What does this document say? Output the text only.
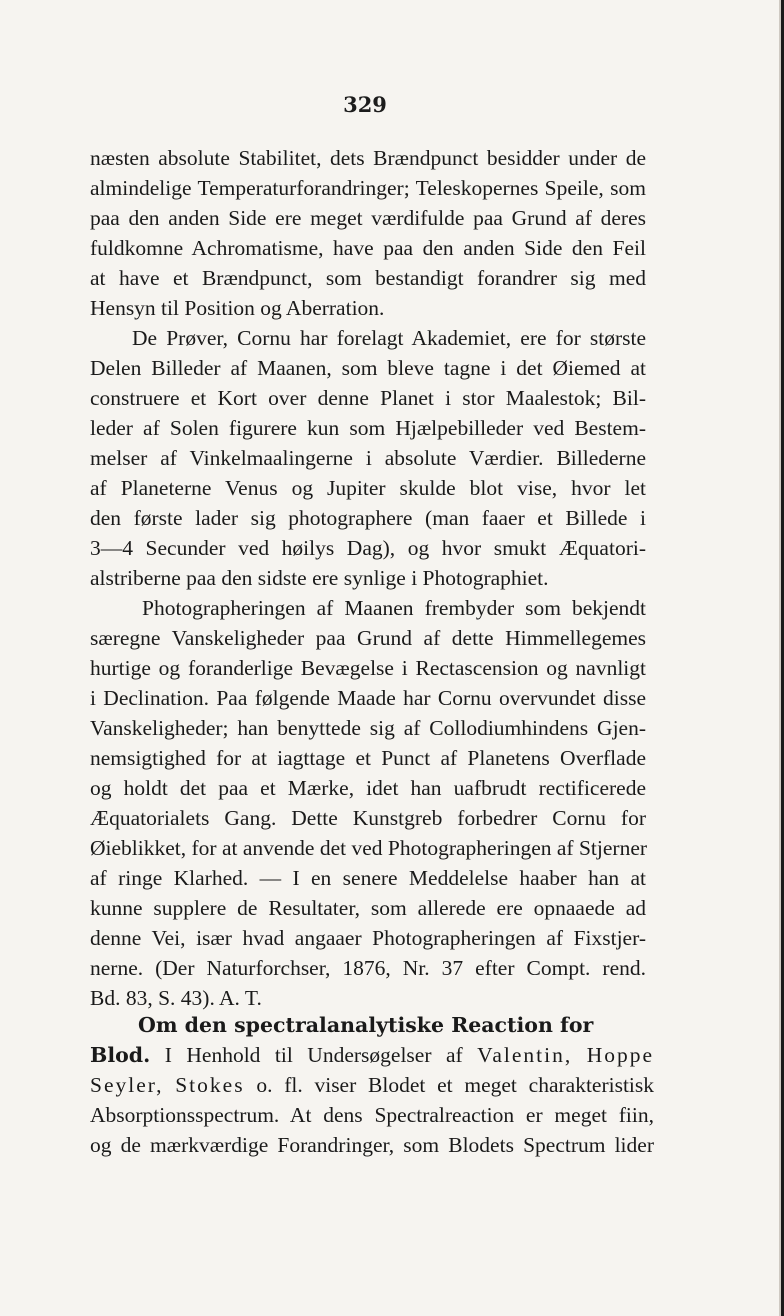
329
næsten absolute Stabilitet, dets Brændpunct besidder under de
almindelige Temperaturforandringer; Teleskopernes Speile, som
paa den anden Side ere meget værdifulde paa Grund af deres
fuldkomne Achromatisme, have paa den anden Side den Feil
at have et Brændpunct, som bestandigt forandrer sig med
Hensyn til Position og Aberration.
De Prøver, Cornu har forelagt Akademiet, ere for største
Delen Billeder af Maanen, som bleve tagne i det Øiemed at
construere et Kort over denne Planet i stor Maalestok; Bil-
leder af Solen figurere kun som Hjælpebilleder ved Bestem-
melser af Vinkelmaalingerne i absolute Værdier. Billederne
af Planeterne Venus og Jupiter skulde blot vise, hvor let
den første lader sig photographere (man faaer et Billede i
3—4 Secunder ved høilys Dag), og hvor smukt Æquatori-
alstriberne paa den sidste ere synlige i Photographiet.
Photographeringen af Maanen frembyder som bekjendt
særegne Vanskeligheder paa Grund af dette Himmellegemes
hurtige og foranderlige Bevægelse i Rectascension og navnligt
i Declination. Paa følgende Maade har Cornu overvundet disse
Vanskeligheder; han benyttede sig af Collodiumhindens Gjen-
nemsigtighed for at iagttage et Punct af Planetens Overflade
og holdt det paa et Mærke, idet han uafbrudt rectificerede
Æquatorialets Gang. Dette Kunstgreb forbedrer Cornu for
Øieblikket, for at anvende det ved Photographeringen af Stjerner
af ringe Klarhed. — I en senere Meddelelse haaber han at
kunne supplere de Resultater, som allerede ere opnaaede ad
denne Vei, især hvad angaaer Photographeringen af Fixstjer-
nerne. (Der Naturforchser, 1876, Nr. 37 efter Compt. rend.
Bd. 83, S. 43). A. T.
Om den spectralanalytiske Reaction for
Blod. I Henhold til Undersøgelser af Valentin, Hoppe
Seyler, Stokes o. fl. viser Blodet et meget charakteristisk
Absorptionsspectrum. At dens Spectralreaction er meget fiin,
og de mærkværdige Forandringer, som Blodets Spectrum lider
